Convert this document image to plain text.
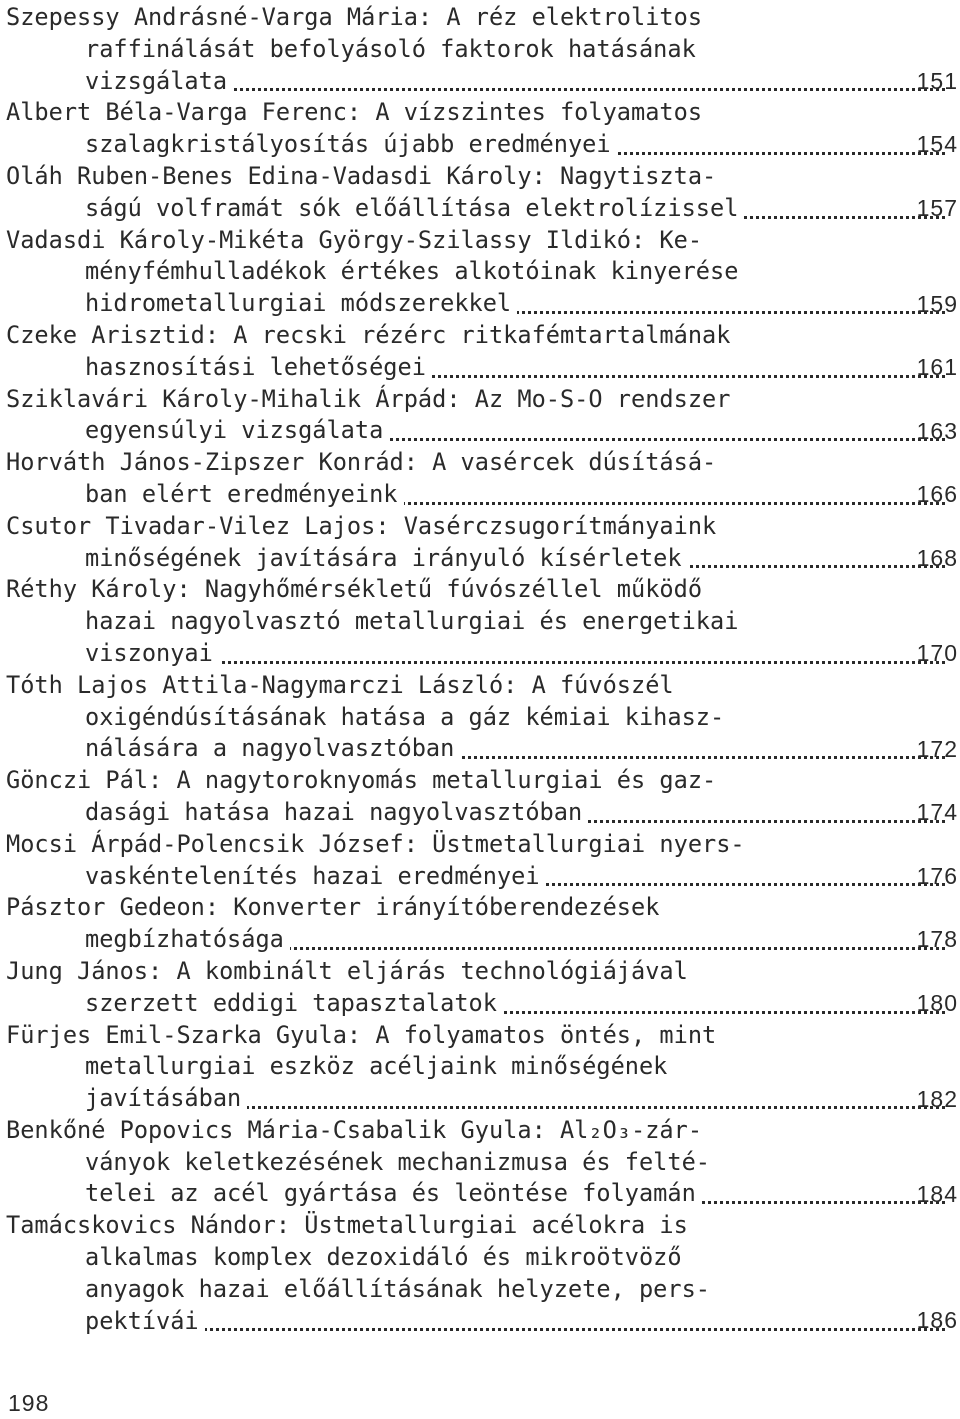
Szepessy Andrásné-Varga Mária: A réz elektrolitos
raffinálását befolyásoló faktorok hatásának
vizsgálata	151
Albert Béla-Varga Ferenc: A vízszintes folyamatos
szalagkristályosítás újabb eredményei	154
Oláh Ruben-Benes Edina-Vadasdi Károly: Nagytiszta-
ságú volframát sók előállítása elektrolízissel	157
Vadasdi Károly-Mikéta György-Szilassy Ildikó: Ke-
ményfémhulladékok értékes alkotóinak kinyerése
hidrometallurgiai módszerekkel	159
Czeke Arisztid: A recski rézérc ritkafémtartalmának
hasznosítási lehetőségei	161
Sziklavári Károly-Mihalik Árpád: Az Mo-S-O rendszer
egyensúlyi vizsgálata	163
Horváth János-Zipszer Konrád: A vasércek dúsításá-
ban elért eredményeink	166
Csutor Tivadar-Vilez Lajos: Vasérczsugorítmányaink
minőségének javítására irányuló kísérletek	168
Réthy Károly: Nagyhőmérsékletű fúvószéllel működő
hazai nagyolvasztó metallurgiai és energetikai
viszonyai	170
Tóth Lajos Attila-Nagymarczi László: A fúvószél
oxigéndúsításának hatása a gáz kémiai kihasz-
nálására a nagyolvasztóban	172
Gönczi Pál: A nagytoroknyomás metallurgiai és gaz-
dasági hatása hazai nagyolvasztóban	174
Mocsi Árpád-Polencsik József: Üstmetallurgiai nyers-
vaskéntelenítés hazai eredményei	176
Pásztor Gedeon: Konverter irányítóberendezések
megbízhatósága	178
Jung János: A kombinált eljárás technológiájával
szerzett eddigi tapasztalatok	180
Fürjes Emil-Szarka Gyula: A folyamatos öntés, mint
metallurgiai eszköz acéljaink minőségének
javításában	182
Benkőné Popovics Mária-Csabalik Gyula: Al₂O₃-zár-
ványok keletkezésének mechanizmusa és felté-
telei az acél gyártása és leöntése folyamán	184
Tamácskovics Nándor: Üstmetallurgiai acélokra is
alkalmas komplex dezoxidáló és mikroötvöző
anyagok hazai előállításának helyzete, pers-
pektívái	186
198
